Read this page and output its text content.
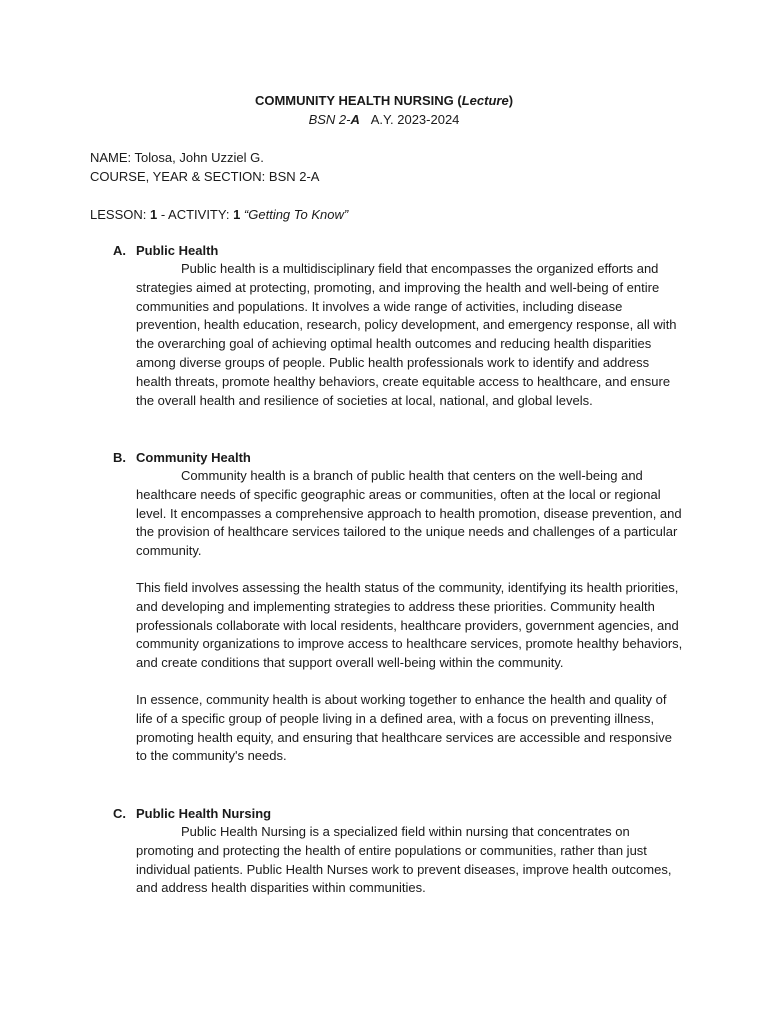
COMMUNITY HEALTH NURSING (Lecture)
BSN 2-A A.Y. 2023-2024
NAME: Tolosa, John Uzziel G.
COURSE, YEAR & SECTION: BSN 2-A
LESSON: 1 - ACTIVITY: 1 “Getting To Know”
A. Public Health
Public health is a multidisciplinary field that encompasses the organized efforts and strategies aimed at protecting, promoting, and improving the health and well-being of entire communities and populations. It involves a wide range of activities, including disease prevention, health education, research, policy development, and emergency response, all with the overarching goal of achieving optimal health outcomes and reducing health disparities among diverse groups of people. Public health professionals work to identify and address health threats, promote healthy behaviors, create equitable access to healthcare, and ensure the overall health and resilience of societies at local, national, and global levels.
B. Community Health
Community health is a branch of public health that centers on the well-being and healthcare needs of specific geographic areas or communities, often at the local or regional level. It encompasses a comprehensive approach to health promotion, disease prevention, and the provision of healthcare services tailored to the unique needs and challenges of a particular community.
This field involves assessing the health status of the community, identifying its health priorities, and developing and implementing strategies to address these priorities. Community health professionals collaborate with local residents, healthcare providers, government agencies, and community organizations to improve access to healthcare services, promote healthy behaviors, and create conditions that support overall well-being within the community.
In essence, community health is about working together to enhance the health and quality of life of a specific group of people living in a defined area, with a focus on preventing illness, promoting health equity, and ensuring that healthcare services are accessible and responsive to the community's needs.
C. Public Health Nursing
Public Health Nursing is a specialized field within nursing that concentrates on promoting and protecting the health of entire populations or communities, rather than just individual patients. Public Health Nurses work to prevent diseases, improve health outcomes, and address health disparities within communities.
